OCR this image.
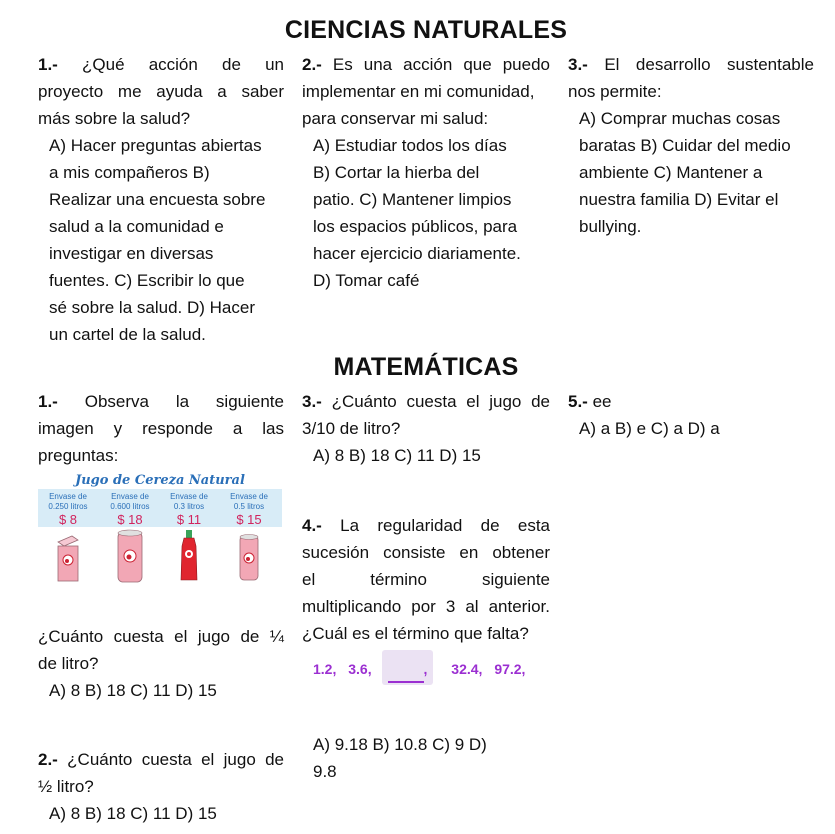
CIENCIAS NATURALES
1.- ¿Qué acción de un
proyecto me ayuda a saber
más sobre la salud?
A) Hacer preguntas abiertas
a mis compañeros B)
Realizar una encuesta sobre
salud a la comunidad e
investigar en diversas
fuentes. C) Escribir lo que
sé sobre la salud. D) Hacer
un cartel de la salud.
2.- Es una acción que puedo
implementar en mi comunidad,
para conservar mi salud:
A) Estudiar todos los días
B) Cortar la hierba del
patio. C) Mantener limpios
los espacios públicos, para
hacer ejercicio diariamente.
D) Tomar café
3.- El desarrollo sustentable
nos permite:
A) Comprar muchas cosas
baratas B) Cuidar del medio
ambiente C) Mantener a
nuestra familia D) Evitar el
bullying.
MATEMÁTICAS
1.- Observa la siguiente
imagen y responde a las
preguntas:
Jugo de Cereza Natural
Envase de
0.250 litros
$ 8
Envase de
0.600 litros
$ 18
Envase de
0.3 litros
$ 11
Envase de
0.5 litros
$ 15
¿Cuánto cuesta el jugo de ¼
de litro?
A) 8 B) 18 C) 11 D) 15
2.- ¿Cuánto cuesta el jugo de
½ litro?
A) 8 B) 18 C) 11 D) 15
3.- ¿Cuánto cuesta el jugo de
3/10 de litro?
A) 8 B) 18 C) 11 D) 15
4.- La regularidad de esta
sucesión consiste en obtener
el término siguiente
multiplicando por 3 al anterior.
¿Cuál es el término que falta?
1.2, 3.6,	, 32.4, 97.2,
A) 9.18 B) 10.8 C) 9 D)
9.8
5.- ee
A) a B) e C) a D) a
